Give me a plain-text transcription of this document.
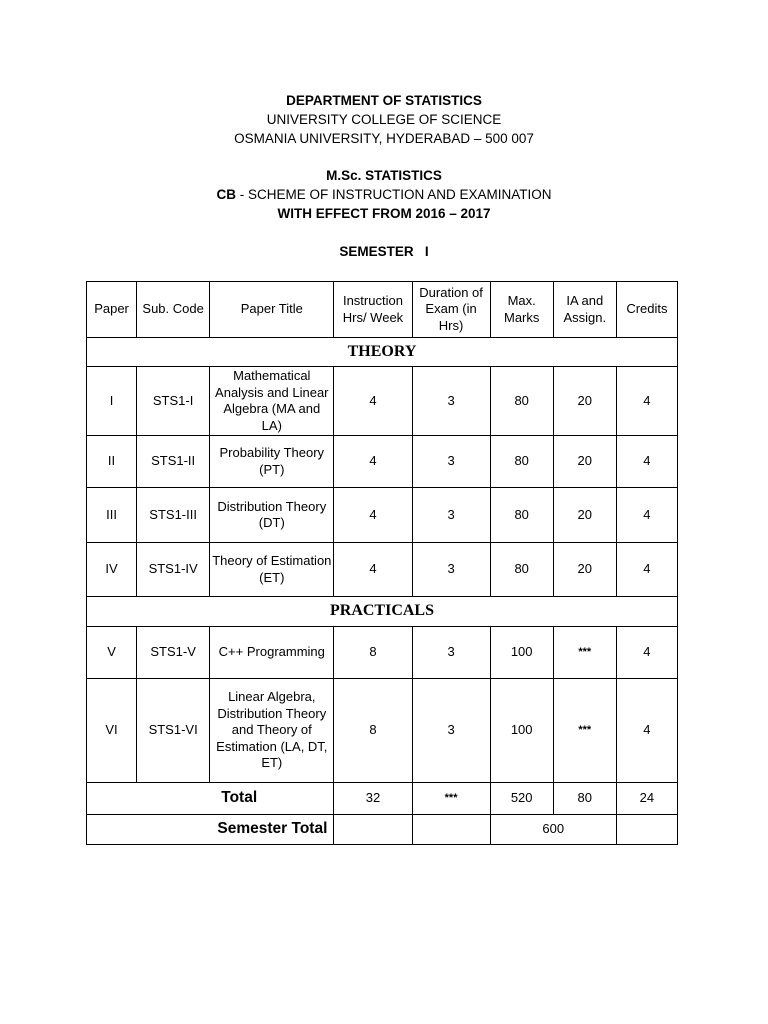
DEPARTMENT OF STATISTICS
UNIVERSITY COLLEGE OF SCIENCE
OSMANIA UNIVERSITY, HYDERABAD – 500 007
M.Sc. STATISTICS
CB - SCHEME OF INSTRUCTION AND EXAMINATION
WITH EFFECT FROM 2016 – 2017
SEMESTER   I
Paper	Sub. Code	Paper Title	Instruction Hrs/ Week	Duration of Exam (in Hrs)	Max. Marks	IA and Assign.	Credits
THEORY							
I	STS1-I	Mathematical Analysis and Linear Algebra (MA and LA)	4	3	80	20	4
II	STS1-II	Probability Theory (PT)	4	3	80	20	4
III	STS1-III	Distribution Theory (DT)	4	3	80	20	4
IV	STS1-IV	Theory of Estimation (ET)	4	3	80	20	4
PRACTICALS							
V	STS1-V	C++ Programming	8	3	100	***	4
VI	STS1-VI	Linear Algebra, Distribution Theory and Theory of Estimation (LA, DT, ET)	8	3	100	***	4
Total			32	***	520	80	24
Semester Total					600		
